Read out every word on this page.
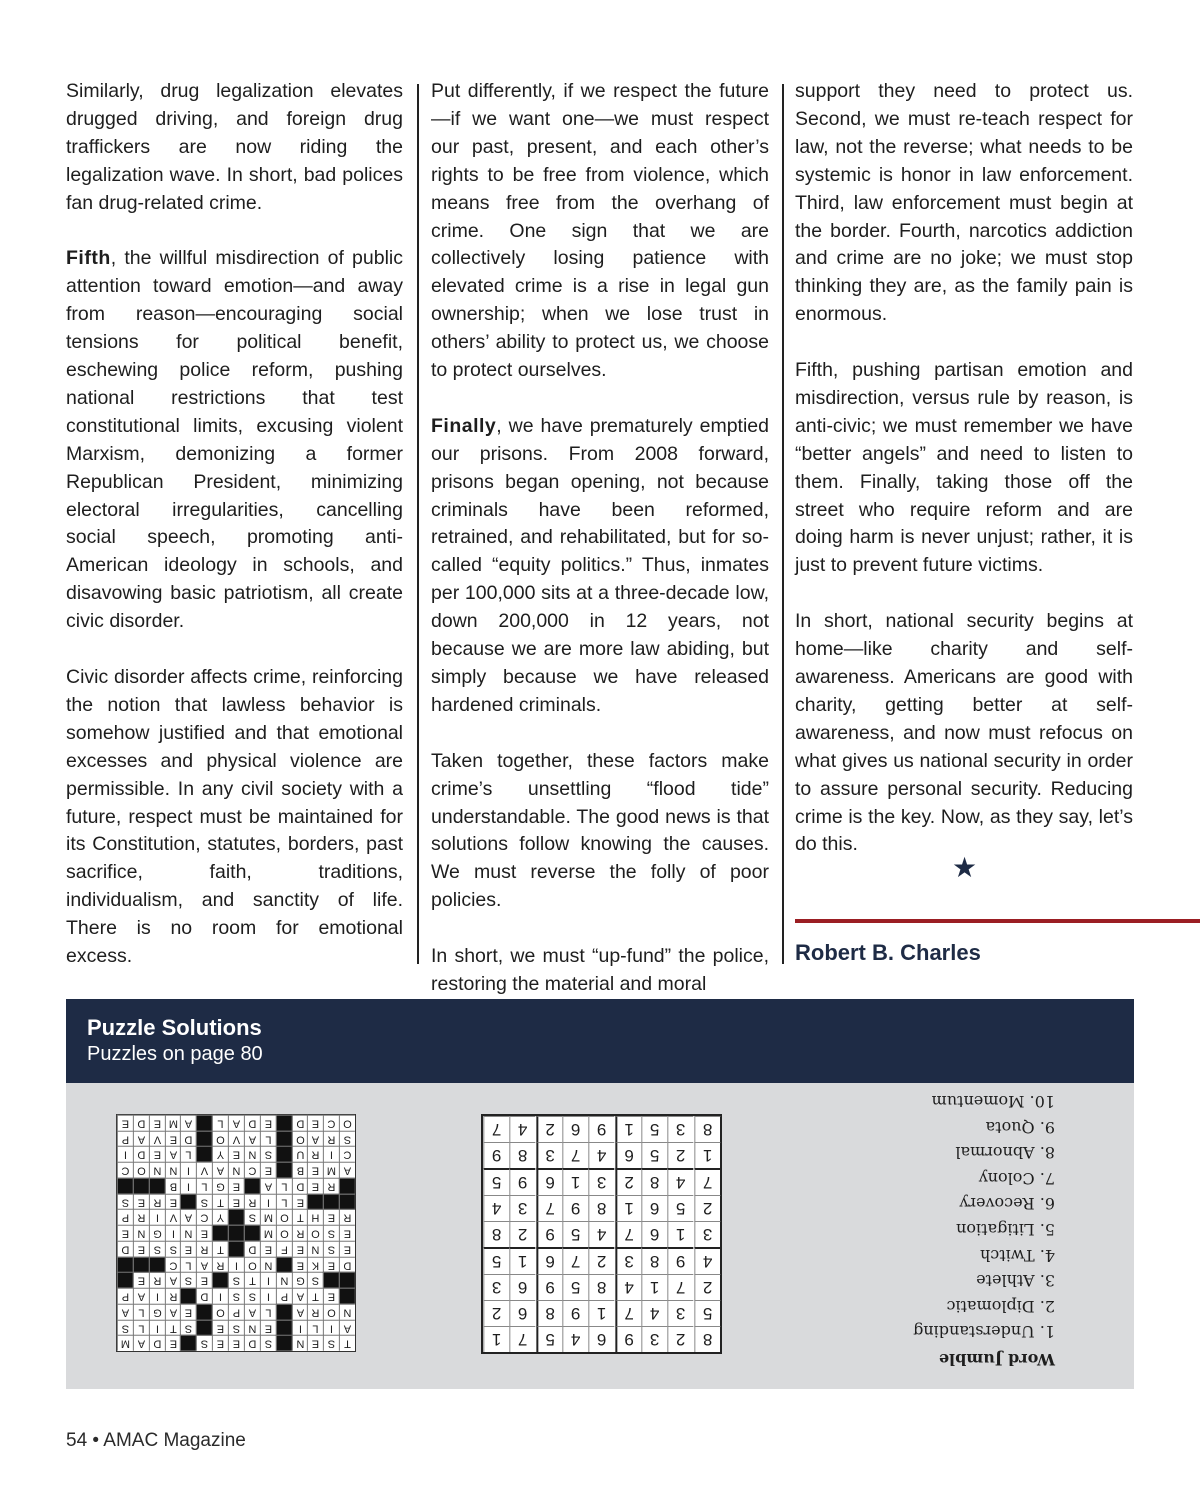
Similarly, drug legalization elevates drugged driving, and foreign drug traffickers are now riding the legalization wave. In short, bad polices fan drug-related crime.

Fifth, the willful misdirection of public attention toward emotion—and away from reason—encouraging social tensions for political benefit, eschewing police reform, pushing national restrictions that test constitutional limits, excusing violent Marxism, demonizing a former Republican President, minimizing electoral irregularities, cancelling social speech, promoting anti-American ideology in schools, and disavowing basic patriotism, all create civic disorder.

Civic disorder affects crime, reinforcing the notion that lawless behavior is somehow justified and that emotional excesses and physical violence are permissible. In any civil society with a future, respect must be maintained for its Constitution, statutes, borders, past sacrifice, faith, traditions, individualism, and sanctity of life. There is no room for emotional excess.

Put differently, if we respect the future—if we want one—we must respect our past, present, and each other’s rights to be free from violence, which means free from the overhang of crime. One sign that we are collectively losing patience with elevated crime is a rise in legal gun ownership; when we lose trust in others’ ability to protect us, we choose to protect ourselves.

Finally, we have prematurely emptied our prisons. From 2008 forward, prisons began opening, not because criminals have been reformed, retrained, and rehabilitated, but for so-called “equity politics.” Thus, inmates per 100,000 sits at a three-decade low, down 200,000 in 12 years, not because we are more law abiding, but simply because we have released hardened criminals.

Taken together, these factors make crime’s unsettling “flood tide” understandable. The good news is that solutions follow knowing the causes. We must reverse the folly of poor policies.

In short, we must “up-fund” the police, restoring the material and moral

support they need to protect us. Second, we must re-teach respect for law, not the reverse; what needs to be systemic is honor in law enforcement. Third, law enforcement must begin at the border. Fourth, narcotics addiction and crime are no joke; we must stop thinking they are, as the family pain is enormous.

Fifth, pushing partisan emotion and misdirection, versus rule by reason, is anti-civic; we must remember we have “better angels” and need to listen to them. Finally, taking those off the street who require reform and are doing harm is never unjust; rather, it is just to prevent future victims.

In short, national security begins at home—like charity and self-awareness. Americans are good with charity, getting better at self-awareness, and now must refocus on what gives us national security in order to assure personal security. Reducing crime is the key. Now, as they say, let’s do this.

★
Robert B. Charles
Puzzle Solutions
Puzzles on page 80
E D E M A	L A D E	D E C O
P A V E D	O V A L	O A R S
I D E A L	Y E N S	U R I C
C O N N I V A N C E	B E M A
B I	L G E	A L D E R
S E R E	S T E R I	L E
P R I V A C Y	S M O T H E R
E N G I N E	M O R O S E
D E S S E R T	D E F E N S E
C L A R I O N	E K E D
E R A S E	S T I N G S
P A I R	D I S S I P A T E
A L G A E	O P A L	A R O N
S L	I T S	E S N E	I	L	I A
M A D E	S E E D S	N E S T
7 4	2 6 9	1 5 3 8
9 8	3 7 4	6 5 2 1
5 9	6 1 3	2 8 4 7
4 3	7 9 8	1 6 5 2
8 2	9 5 4	7 6 1 3
5 1	6 7 2	3 8 9 4
3 6	9 5 8	4 1 7 2
2 6	8 9 1	7 4 3 5
1 7	5 4 6	9 3 2 8
Word Jumble
1. Understanding
2. Diplomatic
3. Athlete
4. Twitch
5. Litigation
6. Recovery
7. Colony
8. Abnormal
9. Quota
10. Momentum
54 • AMAC Magazine
